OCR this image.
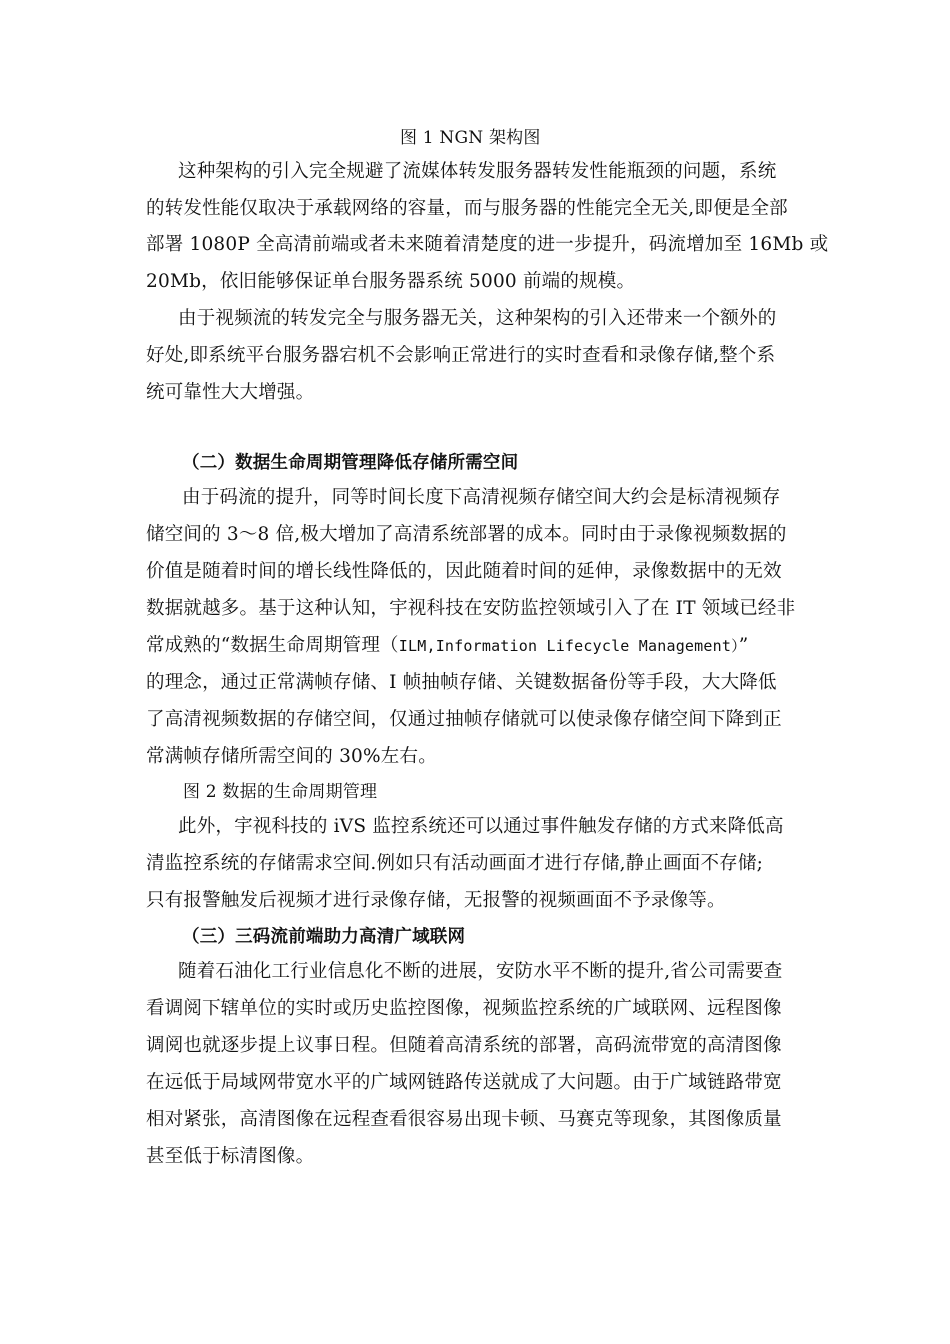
图 1 NGN 架构图
这种架构的引入完全规避了流媒体转发服务器转发性能瓶颈的问题，系统
的转发性能仅取决于承载网络的容量，而与服务器的性能完全无关,即便是全部
部署 1080P 全高清前端或者未来随着清楚度的进一步提升，码流增加至 16Mb 或
20Mb，依旧能够保证单台服务器系统 5000 前端的规模。
由于视频流的转发完全与服务器无关，这种架构的引入还带来一个额外的
好处,即系统平台服务器宕机不会影响正常进行的实时查看和录像存储,整个系
统可靠性大大增强。
（二）数据生命周期管理降低存储所需空间
由于码流的提升，同等时间长度下高清视频存储空间大约会是标清视频存
储空间的 3～8 倍,极大增加了高清系统部署的成本。同时由于录像视频数据的
价值是随着时间的增长线性降低的，因此随着时间的延伸，录像数据中的无效
数据就越多。基于这种认知，宇视科技在安防监控领域引入了在 IT 领域已经非
常成熟的“数据生命周期管理（ILM,Information Lifecycle Management）”
的理念，通过正常满帧存储、I 帧抽帧存储、关键数据备份等手段，大大降低
了高清视频数据的存储空间，仅通过抽帧存储就可以使录像存储空间下降到正
常满帧存储所需空间的 30%左右。
图 2 数据的生命周期管理
此外，宇视科技的 iVS 监控系统还可以通过事件触发存储的方式来降低高
清监控系统的存储需求空间.例如只有活动画面才进行存储,静止画面不存储;
只有报警触发后视频才进行录像存储，无报警的视频画面不予录像等。
（三）三码流前端助力高清广域联网
随着石油化工行业信息化不断的进展，安防水平不断的提升,省公司需要查
看调阅下辖单位的实时或历史监控图像，视频监控系统的广域联网、远程图像
调阅也就逐步提上议事日程。但随着高清系统的部署，高码流带宽的高清图像
在远低于局域网带宽水平的广域网链路传送就成了大问题。由于广域链路带宽
相对紧张，高清图像在远程查看很容易出现卡顿、马赛克等现象，其图像质量
甚至低于标清图像。
